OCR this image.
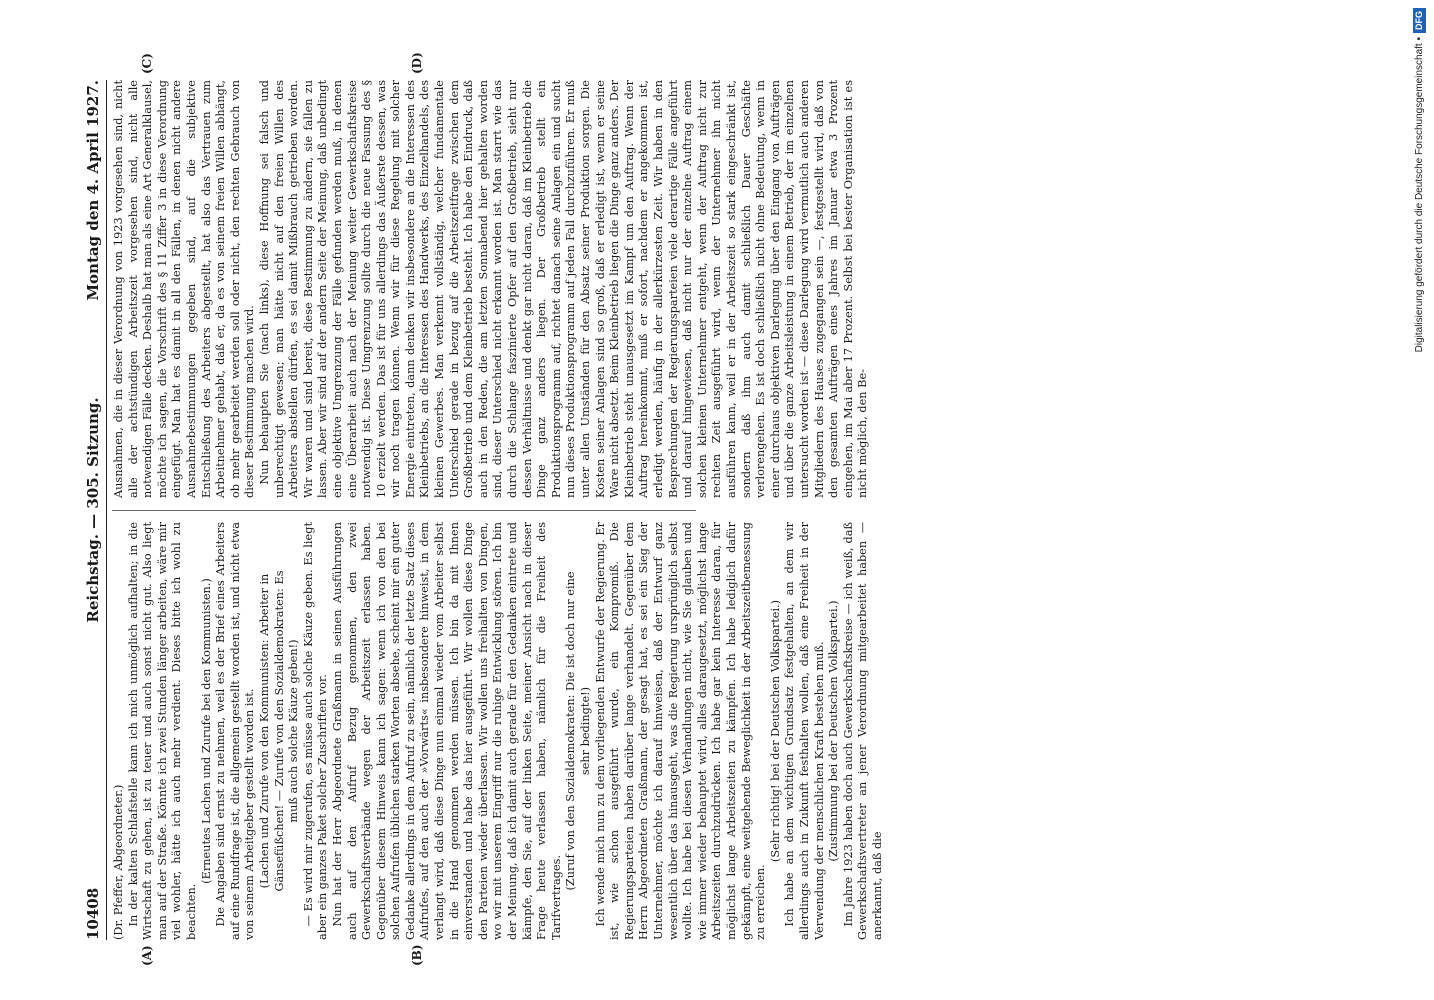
10408
Reichstag. — 305. Sitzung.
Montag den 4. April 1927.

(Dr. Pfeffer, Abgeordneter.) In der kalten Schlafstelle kann ich mich unmöglich aufhalten; in die Wirtschaft zu gehen, ist zu teuer und auch sonst nicht gut. Also liegt man auf der Straße. Könnte ich zwei Stunden länger arbeiten, wäre mir viel wohler, hätte ich auch mehr verdient. Dieses bitte ich wohl zu beachten.

(Erneutes Lachen und Zurufe bei den Kommunisten.) Die Angaben sind ernst zu nehmen, weil es der Brief eines Arbeiters auf eine Rundfrage ist, die allgemein gestellt worden ist, und nicht etwa von seinem Arbeitgeber gestellt worden ist. (Lachen und Zurufe von den Kommunisten: Arbeiter in Gänsefüßchen! — Zurufe von den Sozialdemokraten: Es muß auch solche Käuze geben!) — Es wird mir zugerufen, es müsse auch solche Käuze geben. Es liegt aber ein ganzes Paket solcher Zuschriften vor. Nun hat der Herr Abgeordnete Graßmann in seinen Ausführungen auch auf den Aufruf Bezug genommen, den zwei Gewerkschaftsverbände wegen der Arbeitszeit erlassen haben. Gegenüber diesem Hinweis kann ich sagen: wenn ich von den bei solchen Aufrufen üblichen starken Worten absehe, scheint mir ein guter Gedanke allerdings in dem Aufruf zu sein, nämlich der letzte Satz dieses Aufrufes, auf den auch der »Vorwärts« insbesondere hinweist, in dem verlangt wird, daß diese Dinge nun einmal wieder vom Arbeiter selbst in die Hand genommen werden müssen. Ich bin da mit Ihnen einverstanden und habe das hier ausgeführt. Wir wollen diese Dinge den Parteien wieder überlassen. Wir wollen uns freihalten von Dingen, wo wir mit unserem Eingriff nur die ruhige Entwicklung stören. Ich bin der Meinung, daß ich damit auch gerade für den Gedanken eintrete und kämpfe, den Sie, auf der linken Seite, meiner Ansicht nach in dieser Frage heute verlassen haben, nämlich für die Freiheit des Tarifvertrages.

(Zuruf von den Sozialdemokraten: Die ist doch nur eine sehr bedingte!) Ich wende mich nun zu dem vorliegenden Entwurfe der Regierung. Er ist, wie schon ausgeführt wurde, ein Kompromiß. Die Regierungsparteien haben darüber lange verhandelt. Gegenüber dem Herrn Abgeordneten Graßmann, der gesagt hat, es sei ein Sieg der Unternehmer, möchte ich darauf hinweisen, daß der Entwurf ganz wesentlich über das hinausgeht, was die Regierung ursprünglich selbst wollte. Ich habe bei diesen Verhandlungen nicht, wie Sie glauben und wie immer wieder behauptet wird, alles daraugesetzt, möglichst lange Arbeitszeiten durchzudrücken. Ich habe gar kein Interesse daran, für möglichst lange Arbeitszeiten zu kämpfen. Ich habe lediglich dafür gekämpft, eine weitgehende Beweglichkeit in der Arbeitszeitbemessung zu erreichen.

(Sehr richtig! bei der Deutschen Volkspartei.) Ich habe an dem wichtigen Grundsatz festgehalten, an dem wir allerdings auch in Zukunft festhalten wollen, daß eine Freiheit in der Verwendung der menschlichen Kraft bestehen muß. (Zustimmung bei der Deutschen Volkspartei.) Im Jahre 1923 haben doch auch Gewerkschaftskreise — ich weiß, daß Gewerkschaftsvertreter an jener Verordnung mitgearbeitet haben — anerkannt, daß die

Ausnahmen, die in dieser Verordnung von 1923 vorgesehen sind, nicht alle der achtstündigen Arbeitszeit vorgesehen sind, nicht alle notwendigen Fälle decken. Deshalb hat man als eine Art Generalklausel, möchte ich sagen, die Vorschrift des § 11 Ziffer 3 in diese Verordnung eingefügt. Man hat es damit in all den Fällen, in denen nicht andere Ausnahmebestimmungen gegeben sind, auf die subjektive Entschließung des Arbeiters abgestellt, hat also das Vertrauen zum Arbeitnehmer gehabt, daß er, da es von seinem freien Willen abhängt, ob mehr gearbeitet werden soll oder nicht, den rechten Gebrauch von dieser Bestimmung machen wird. Nun behaupten Sie (nach links), diese Hoffnung sei falsch und unberechtigt gewesen; man hätte nicht auf den freien Willen des Arbeiters abstellen dürfen, es sei damit Mißbrauch getrieben worden. Wir waren und sind bereit, diese Bestimmung zu ändern, sie fallen zu lassen. Aber wir sind auf der andern Seite der Meinung, daß unbedingt eine objektive Umgrenzung der Fälle gefunden werden muß, in denen eine Überarbeit auch nach der Meinung weiter Gewerkschaftskreise notwendig ist. Diese Umgrenzung sollte durch die neue Fassung des § 10 erzielt werden. Das ist für uns allerdings das Äußerste dessen, was wir noch tragen können. Wenn wir für diese Regelung mit solcher Energie eintreten, dann denken wir insbesondere an die Interessen des Kleinbetriebs, an die Interessen des Handwerks, des Einzelhandels, des kleinen Gewerbes. Man verkennt vollständig, welcher fundamentale Unterschied gerade in bezug auf die Arbeitszeitfrage zwischen dem Großbetrieb und dem Kleinbetrieb besteht. Ich habe den Eindruck, daß auch in den Reden, die am letzten Sonnabend hier gehalten worden sind, dieser Unterschied nicht erkannt worden ist. Man starrt wie das durch die Schlange faszinierte Opfer auf den Großbetrieb, sieht nur dessen Verhältnisse und denkt gar nicht daran, daß im Kleinbetrieb die Dinge ganz anders liegen. Der Großbetrieb stellt ein Produktionsprogramm auf, richtet danach seine Anlagen ein und sucht nun dieses Produktionsprogramm auf jeden Fall durchzuführen. Er muß unter allen Umständen für den Absatz seiner Produktion sorgen. Die Kosten seiner Anlagen sind so groß, daß er erledigt ist, wenn er seine Ware nicht absetzt. Beim Kleinbetrieb liegen die Dinge ganz anders. Der Kleinbetrieb steht unausgesetzt im Kampf um den Auftrag. Wenn der Auftrag hereinkommt, muß er sofort, nachdem er angekommen ist, erledigt werden, häufig in der allerkürzesten Zeit. Wir haben in den Besprechungen der Regierungsparteien viele derartige Fälle angeführt und darauf hingewiesen, daß nicht nur der einzelne Auftrag einem solchen kleinen Unternehmer entgeht, wenn der Auftrag nicht zur rechten Zeit ausgeführt wird, wenn der Unternehmer ihn nicht ausführen kann, weil er in der Arbeitszeit so stark eingeschränkt ist, sondern daß ihm auch damit schließlich Dauer Geschäfte verlorengehen. Es ist doch schließlich nicht ohne Bedeutung, wenn in einer durchaus objektiven Darlegung über den Eingang von Aufträgen und über die ganze Arbeitsleistung in einem Betrieb, der im einzelnen untersucht worden ist — diese Darlegung wird vermutlich auch anderen Mitgliedern des Hauses zugegangen sein —, festgestellt wird, daß von den gesamten Aufträgen eines Jahres im Januar etwa 3 Prozent eingehen, im Mai aber 17 Prozent. Selbst bei bester Organisation ist es nicht möglich, den Be-

(A)	(B)
(C)	(D)	Digitalisierung gefördert durch die Deutsche Forschungsgemeinschaft •DFG
